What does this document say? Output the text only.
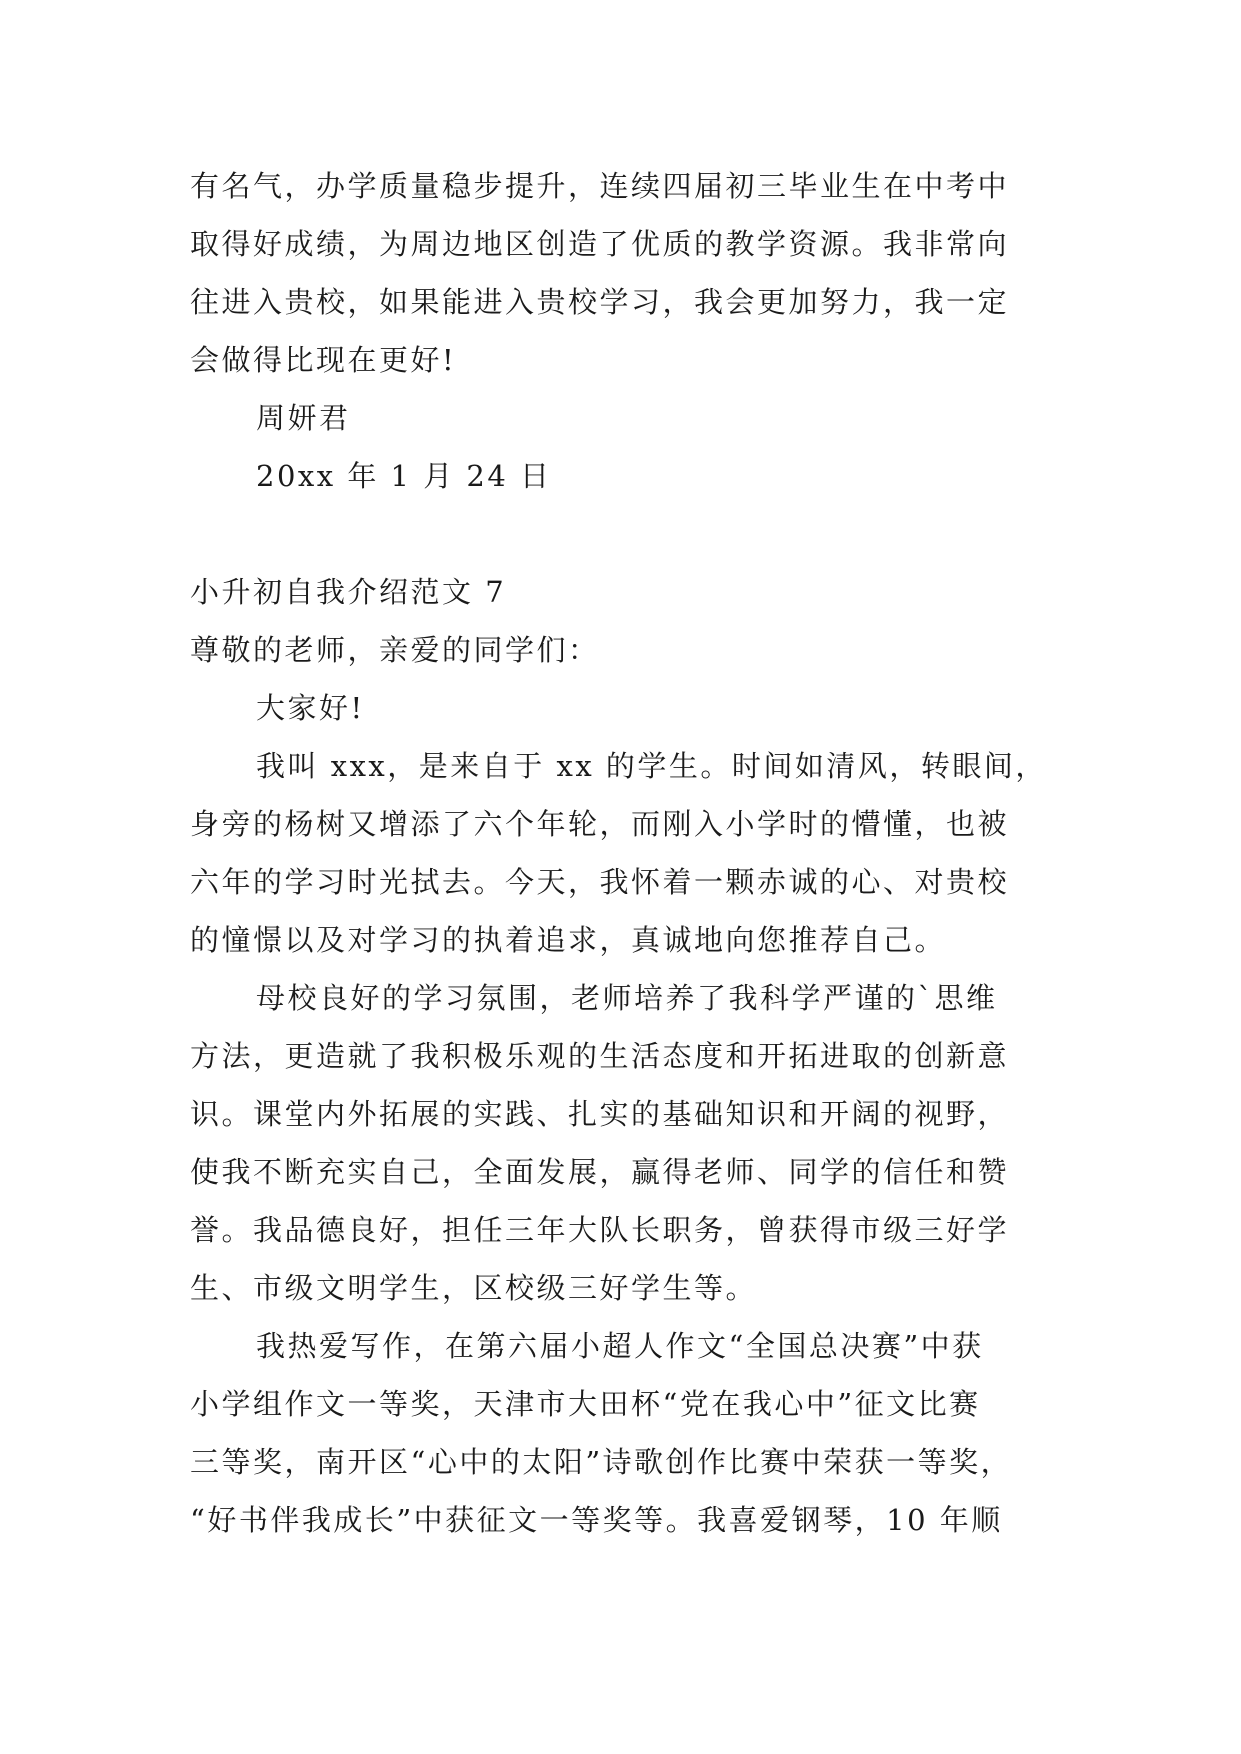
有名气，办学质量稳步提升，连续四届初三毕业生在中考中
取得好成绩，为周边地区创造了优质的教学资源。我非常向
往进入贵校，如果能进入贵校学习，我会更加努力，我一定
会做得比现在更好!
周妍君
20xx 年 1 月 24 日
小升初自我介绍范文 7
尊敬的老师，亲爱的同学们：
大家好!
我叫 xxx，是来自于 xx 的学生。时间如清风，转眼间，
身旁的杨树又增添了六个年轮，而刚入小学时的懵懂，也被
六年的学习时光拭去。今天，我怀着一颗赤诚的心、对贵校
的憧憬以及对学习的执着追求，真诚地向您推荐自己。
母校良好的学习氛围，老师培养了我科学严谨的`思维
方法，更造就了我积极乐观的生活态度和开拓进取的创新意
识。课堂内外拓展的实践、扎实的基础知识和开阔的视野，
使我不断充实自己，全面发展，赢得老师、同学的信任和赞
誉。我品德良好，担任三年大队长职务，曾获得市级三好学
生、市级文明学生，区校级三好学生等。
我热爱写作，在第六届小超人作文“全国总决赛”中获
小学组作文一等奖，天津市大田杯“党在我心中”征文比赛
三等奖，南开区“心中的太阳”诗歌创作比赛中荣获一等奖，
“好书伴我成长”中获征文一等奖等。我喜爱钢琴，10 年顺
